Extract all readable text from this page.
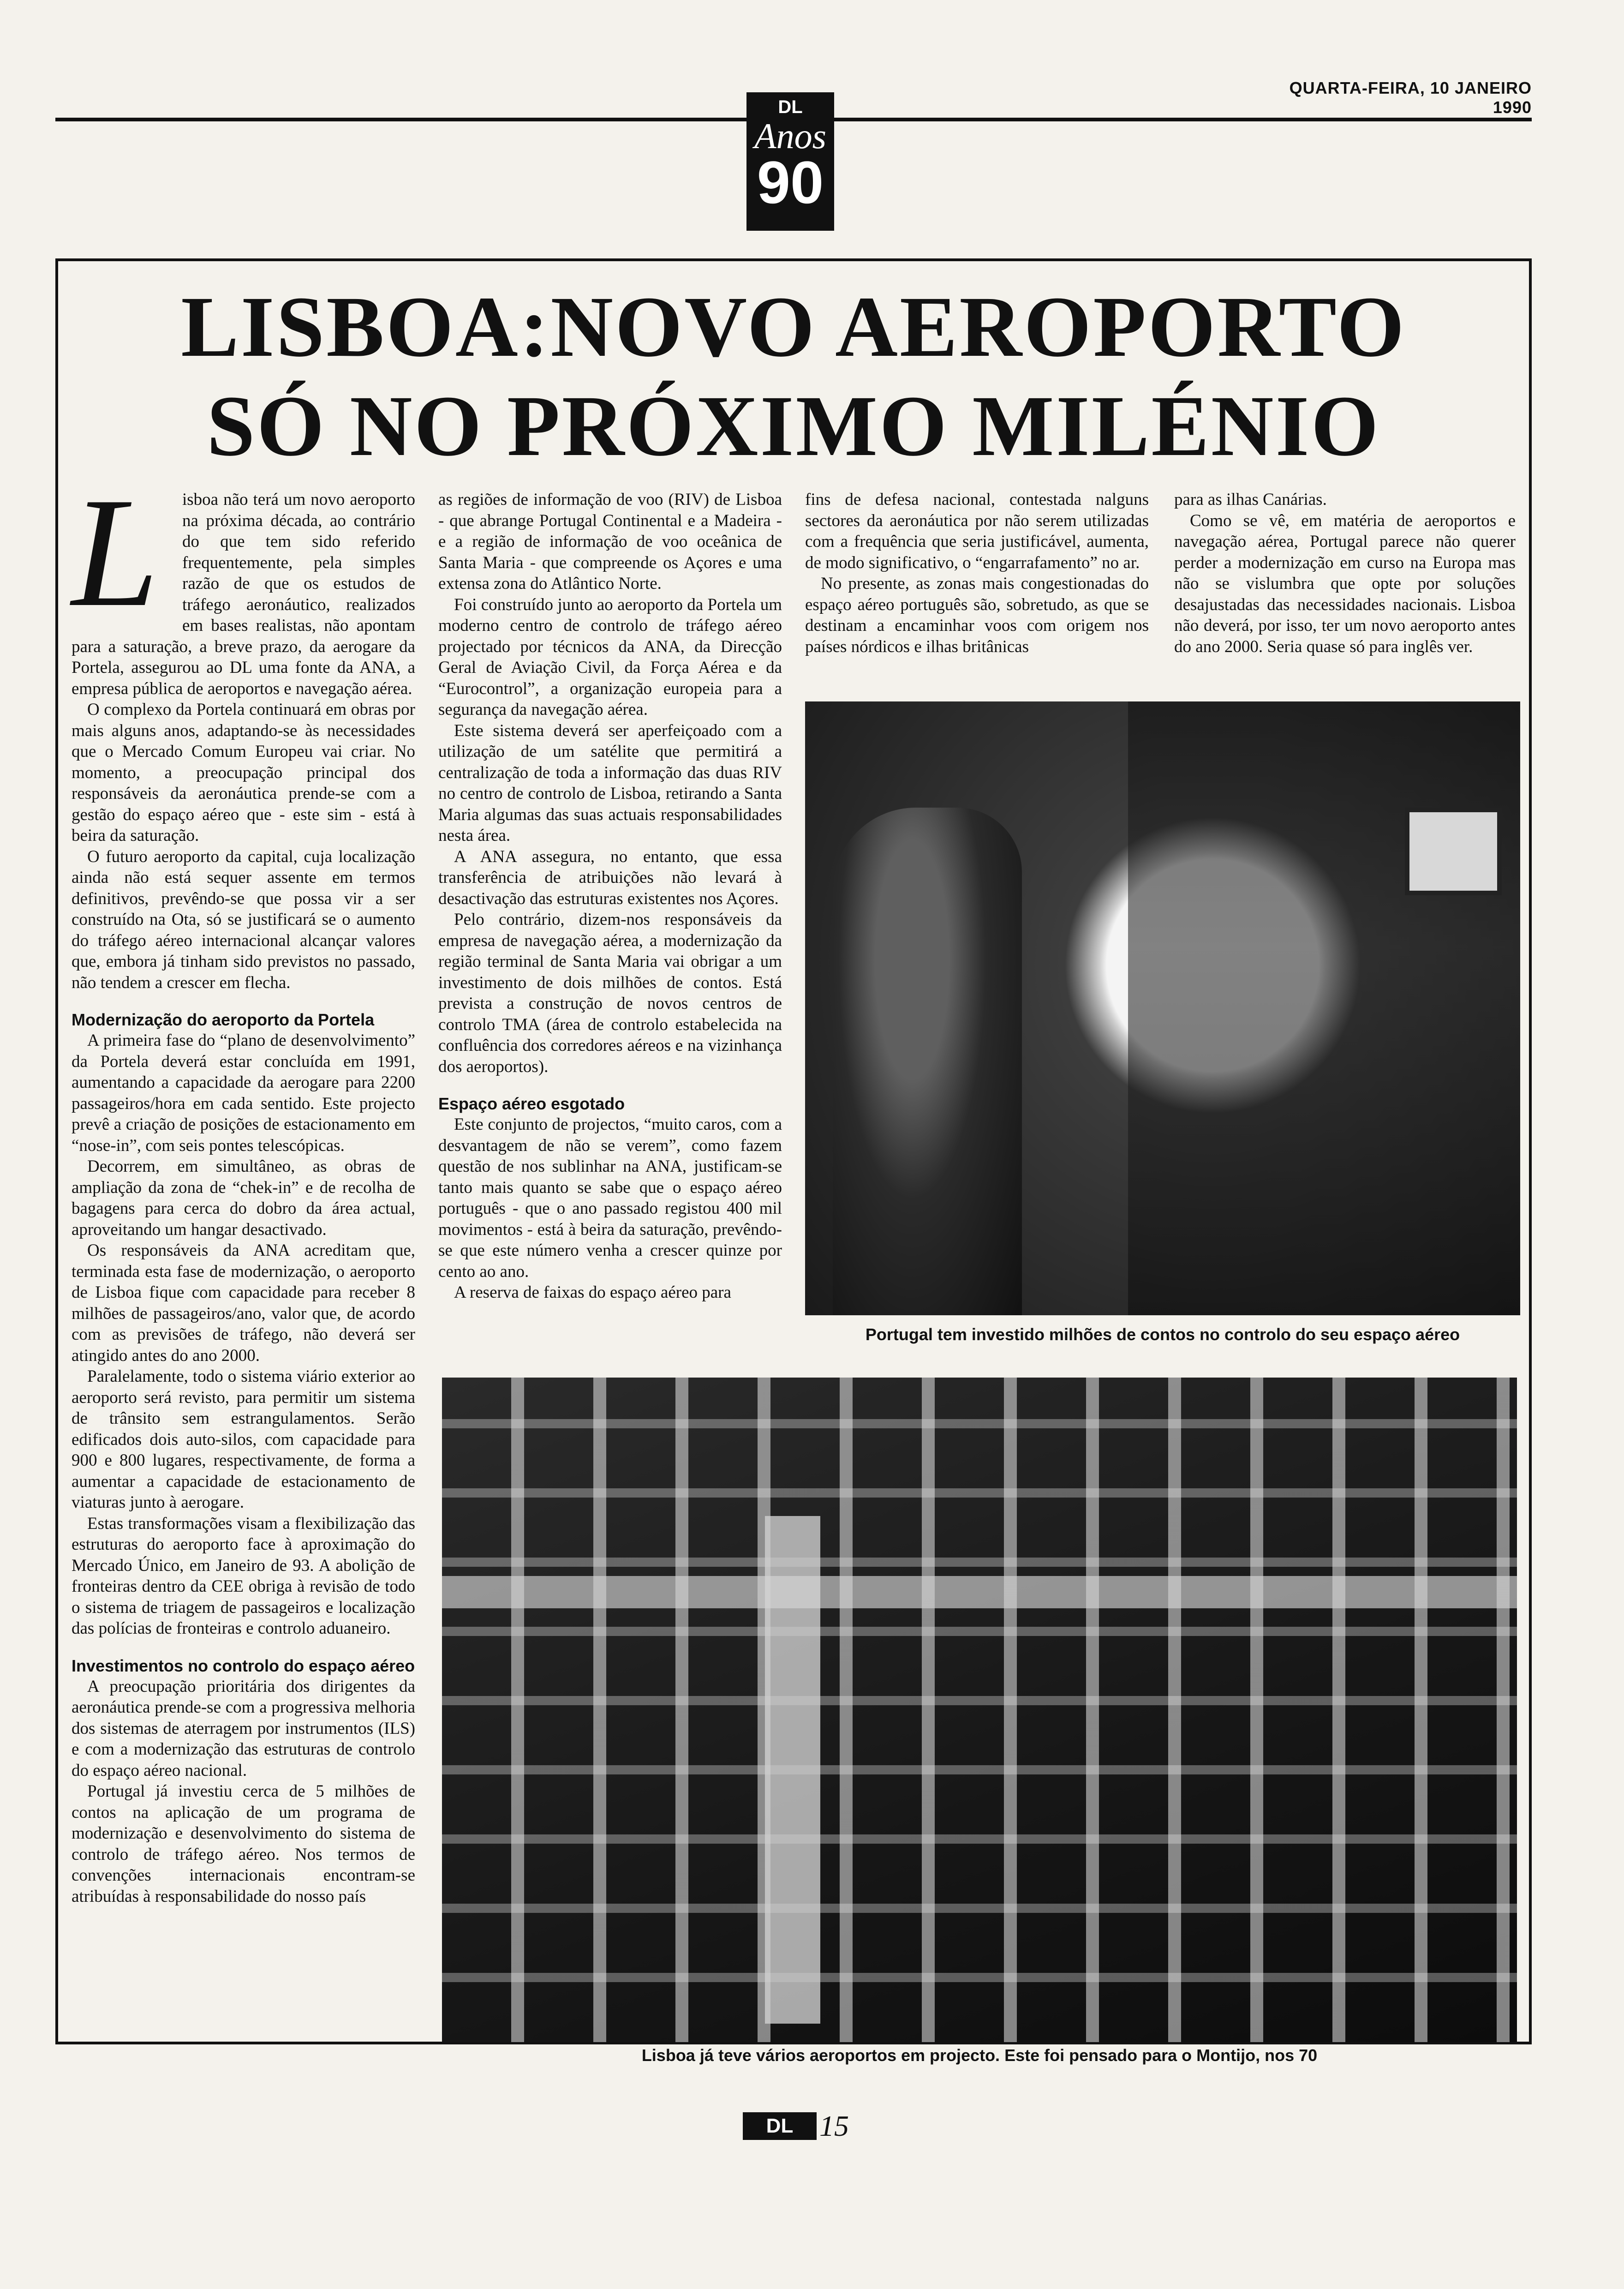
QUARTA-FEIRA, 10 JANEIRO 1990
DL
Anos
90
LISBOA:NOVO AEROPORTO
SÓ NO PRÓXIMO MILÉNIO

L	isboa não terá um novo aeroporto na próxima década, ao contrário do que tem sido referido frequentemente, pela simples razão de que os estudos de tráfego aeronáutico, realizados em bases realistas, não apontam para a saturação, a breve prazo, da aerogare da Portela, assegurou ao DL uma fonte da ANA, a empresa pública de aeroportos e navegação aérea.

O complexo da Portela continuará em obras por mais alguns anos, adaptando-se às necessidades que o Mercado Comum Europeu vai criar. No momento, a preocupação principal dos responsáveis da aeronáutica prende-se com a gestão do espaço aéreo que - este sim - está à beira da saturação.

O futuro aeroporto da capital, cuja localização ainda não está sequer assente em termos definitivos, prevêndo-se que possa vir a ser construído na Ota, só se justificará se o aumento do tráfego aéreo internacional alcançar valores que, embora já tinham sido previstos no passado, não tendem a crescer em flecha.

Modernização do aeroporto da Portela

A primeira fase do “plano de desenvolvimento” da Portela deverá estar concluída em 1991, aumentando a capacidade da aerogare para 2200 passageiros/hora em cada sentido. Este projecto prevê a criação de posições de estacionamento em “nose-in”, com seis pontes telescópicas.

Decorrem, em simultâneo, as obras de ampliação da zona de “chek-in” e de recolha de bagagens para cerca do dobro da área actual, aproveitando um hangar desactivado.

Os responsáveis da ANA acreditam que, terminada esta fase de modernização, o aeroporto de Lisboa fique com capacidade para receber 8 milhões de passageiros/ano, valor que, de acordo com as previsões de tráfego, não deverá ser atingido antes do ano 2000.

Paralelamente, todo o sistema viário exterior ao aeroporto será revisto, para permitir um sistema de trânsito sem estrangulamentos. Serão edificados dois auto-silos, com capacidade para 900 e 800 lugares, respectivamente, de forma a aumentar a capacidade de estacionamento de viaturas junto à aerogare.

Estas transformações visam a flexibilização das estruturas do aeroporto face à aproximação do Mercado Único, em Janeiro de 93. A abolição de fronteiras dentro da CEE obriga à revisão de todo o sistema de triagem de passageiros e localização das polícias de fronteiras e controlo aduaneiro.

Investimentos no controlo do espaço aéreo

A preocupação prioritária dos dirigentes da aeronáutica prende-se com a progressiva melhoria dos sistemas de aterragem por instrumentos (ILS) e com a modernização das estruturas de controlo do espaço aéreo nacional.

Portugal já investiu cerca de 5 milhões de contos na aplicação de um programa de modernização e desenvolvimento do sistema de controlo de tráfego aéreo. Nos termos de convenções internacionais encontram-se atribuídas à responsabilidade do nosso país

as regiões de informação de voo (RIV) de Lisboa - que abrange Portugal Continental e a Madeira - e a região de informação de voo oceânica de Santa Maria - que compreende os Açores e uma extensa zona do Atlântico Norte.

Foi construído junto ao aeroporto da Portela um moderno centro de controlo de tráfego aéreo projectado por técnicos da ANA, da Direcção Geral de Aviação Civil, da Força Aérea e da “Eurocontrol”, a organização europeia para a segurança da navegação aérea.

Este sistema deverá ser aperfeiçoado com a utilização de um satélite que permitirá a centralização de toda a informação das duas RIV no centro de controlo de Lisboa, retirando a Santa Maria algumas das suas actuais responsabilidades nesta área.

A ANA assegura, no entanto, que essa transferência de atribuições não levará à desactivação das estruturas existentes nos Açores.

Pelo contrário, dizem-nos responsáveis da empresa de navegação aérea, a modernização da região terminal de Santa Maria vai obrigar a um investimento de dois milhões de contos. Está prevista a construção de novos centros de controlo TMA (área de controlo estabelecida na confluência dos corredores aéreos e na vizinhança dos aeroportos).

Espaço aéreo esgotado

Este conjunto de projectos, “muito caros, com a desvantagem de não se verem”, como fazem questão de nos sublinhar na ANA, justificam-se tanto mais quanto se sabe que o espaço aéreo português - que o ano passado registou 400 mil movimentos - está à beira da saturação, prevêndo-se que este número venha a crescer quinze por cento ao ano.

A reserva de faixas do espaço aéreo para

fins de defesa nacional, contestada nalguns sectores da aeronáutica por não serem utilizadas com a frequência que seria justificável, aumenta, de modo significativo, o “engarrafamento” no ar.

No presente, as zonas mais congestionadas do espaço aéreo português são, sobretudo, as que se destinam a encaminhar voos com origem nos países nórdicos e ilhas britânicas

para as ilhas Canárias.

Como se vê, em matéria de aeroportos e navegação aérea, Portugal parece não querer perder a modernização em curso na Europa mas não se vislumbra que opte por soluções desajustadas das necessidades nacionais. Lisboa não deverá, por isso, ter um novo aeroporto antes do ano 2000. Seria quase só para inglês ver.

Portugal tem investido milhões de contos no controlo do seu espaço aéreo
Lisboa já teve vários aeroportos em projecto. Este foi pensado para o Montijo, nos 70
DL 15
